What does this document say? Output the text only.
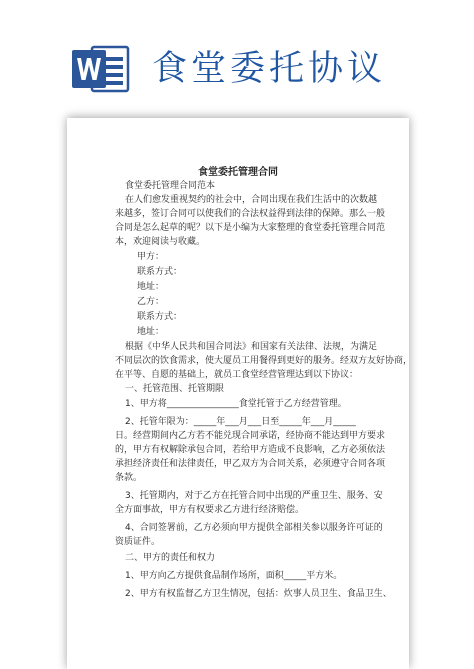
食堂委托协议
食堂委托管理合同
食堂委托管理合同范本
在人们愈发重视契约的社会中，合同出现在我们生活中的次数越
来越多，签订合同可以使我们的合法权益得到法律的保障。那么一般
合同是怎么起草的呢？以下是小编为大家整理的食堂委托管理合同范
本，欢迎阅读与收藏。
甲方：
联系方式：
地址：
乙方：
联系方式：
地址：
根据《中华人民共和国合同法》和国家有关法律、法规，为满足
不同层次的饮食需求，使大厦员工用餐得到更好的服务。经双方友好协商，
在平等、自愿的基础上，就员工食堂经营管理达到以下协议：
一、托管范围、托管期限
1、甲方将________________食堂托管于乙方经营管理。
2、托管年限为：_____年___月___日至_____年___月_____
日。经营期间内乙方若不能兑现合同承诺，经协商不能达到甲方要求
的，甲方有权解除承包合同，若给甲方造成不良影响，乙方必须依法
承担经济责任和法律责任，甲乙双方为合同关系，必须遵守合同各项
条款。
3、托管期内，对于乙方在托管合同中出现的严重卫生、服务、安
全方面事故，甲方有权要求乙方进行经济赔偿。
4、合同签署前，乙方必须向甲方提供全部相关参以服务许可证的
资质证件。
二、甲方的责任和权力
1、甲方向乙方提供食品制作场所，面积_____平方米。
2、甲方有权监督乙方卫生情况，包括：炊事人员卫生、食品卫生、
